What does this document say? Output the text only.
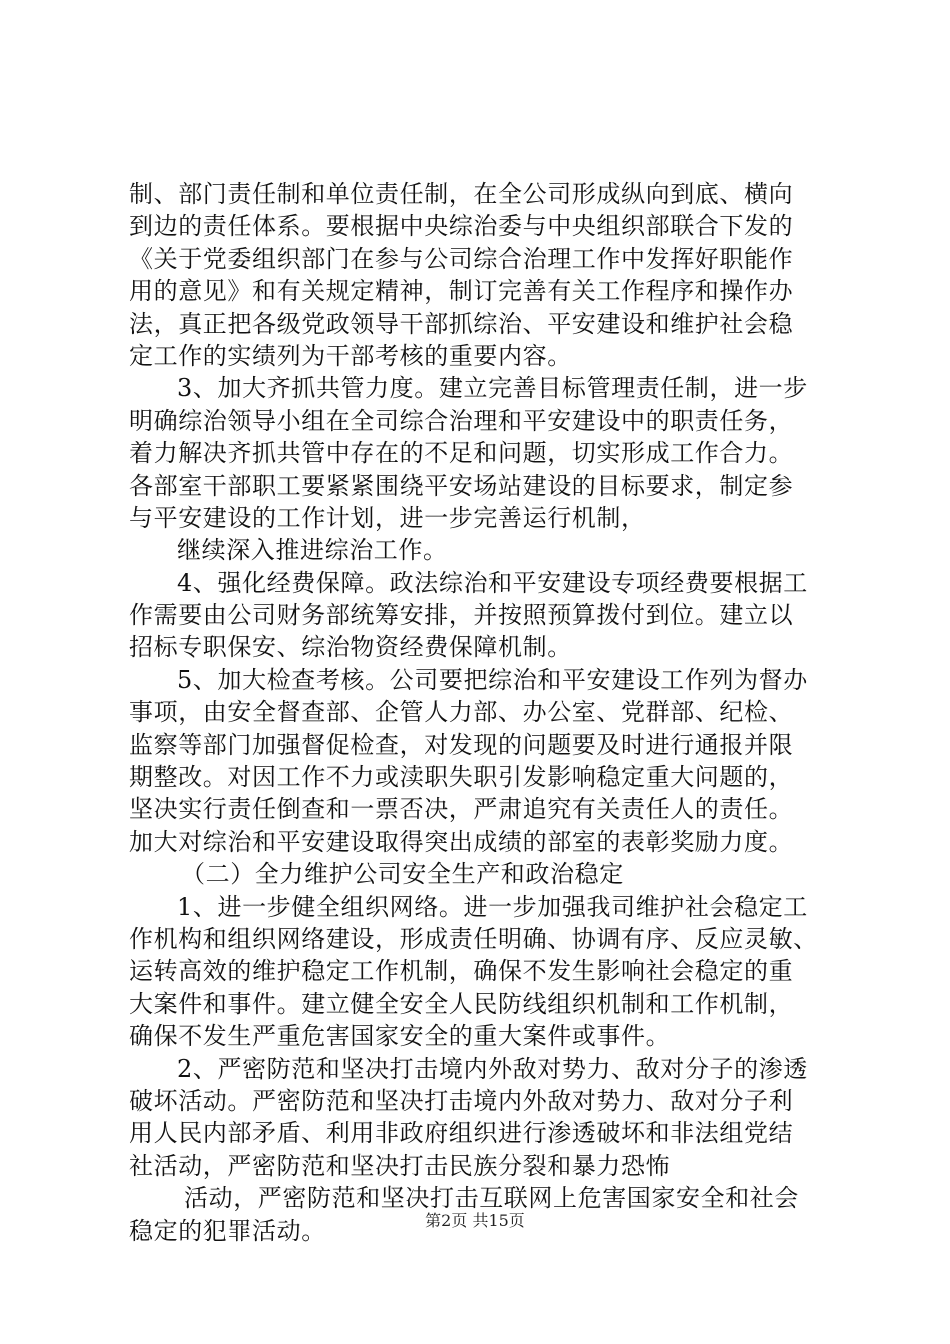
制、部门责任制和单位责任制，在全公司形成纵向到底、横向
到边的责任体系。要根据中央综治委与中央组织部联合下发的
《关于党委组织部门在参与公司综合治理工作中发挥好职能作
用的意见》和有关规定精神，制订完善有关工作程序和操作办
法，真正把各级党政领导干部抓综治、平安建设和维护社会稳
定工作的实绩列为干部考核的重要内容。
3、加大齐抓共管力度。建立完善目标管理责任制，进一步
明确综治领导小组在全司综合治理和平安建设中的职责任务，
着力解决齐抓共管中存在的不足和问题，切实形成工作合力。
各部室干部职工要紧紧围绕平安场站建设的目标要求，制定参
与平安建设的工作计划，进一步完善运行机制，
继续深入推进综治工作。
4、强化经费保障。政法综治和平安建设专项经费要根据工
作需要由公司财务部统筹安排，并按照预算拨付到位。建立以
招标专职保安、综治物资经费保障机制。
5、加大检查考核。公司要把综治和平安建设工作列为督办
事项，由安全督查部、企管人力部、办公室、党群部、纪检、
监察等部门加强督促检查，对发现的问题要及时进行通报并限
期整改。对因工作不力或渎职失职引发影响稳定重大问题的，
坚决实行责任倒查和一票否决，严肃追究有关责任人的责任。
加大对综治和平安建设取得突出成绩的部室的表彰奖励力度。
（二）全力维护公司安全生产和政治稳定
1、进一步健全组织网络。进一步加强我司维护社会稳定工
作机构和组织网络建设，形成责任明确、协调有序、反应灵敏、
运转高效的维护稳定工作机制，确保不发生影响社会稳定的重
大案件和事件。建立健全安全人民防线组织机制和工作机制，
确保不发生严重危害国家安全的重大案件或事件。
2、严密防范和坚决打击境内外敌对势力、敌对分子的渗透
破坏活动。严密防范和坚决打击境内外敌对势力、敌对分子利
用人民内部矛盾、利用非政府组织进行渗透破坏和非法组党结
社活动，严密防范和坚决打击民族分裂和暴力恐怖
活动，严密防范和坚决打击互联网上危害国家安全和社会
稳定的犯罪活动。	第2页 共15页
